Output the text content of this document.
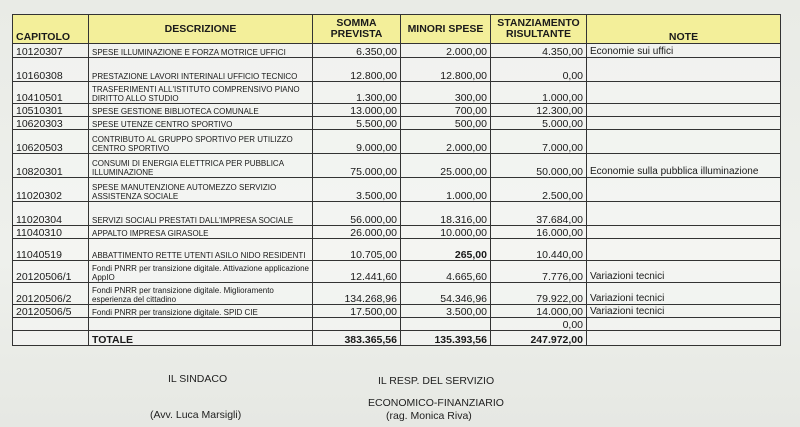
CAPITOLO	DESCRIZIONE	SOMMA PREVISTA	MINORI SPESE	STANZIAMENTO RISULTANTE	NOTE
10120307	SPESE ILLUMINAZIONE E FORZA MOTRICE UFFICI	6.350,00	2.000,00	4.350,00	Economie sui uffici
10160308	PRESTAZIONE LAVORI INTERINALI UFFICIO TECNICO	12.800,00	12.800,00	0,00	
10410501	TRASFERIMENTI ALL'ISTITUTO COMPRENSIVO PIANO DIRITTO ALLO STUDIO	1.300,00	300,00	1.000,00	
10510301	SPESE GESTIONE BIBLIOTECA COMUNALE	13.000,00	700,00	12.300,00	
10620303	SPESE UTENZE CENTRO SPORTIVO	5.500,00	500,00	5.000,00	
10620503	CONTRIBUTO AL GRUPPO SPORTIVO PER UTILIZZO CENTRO SPORTIVO	9.000,00	2.000,00	7.000,00	
10820301	CONSUMI DI ENERGIA ELETTRICA PER PUBBLICA ILLUMINAZIONE	75.000,00	25.000,00	50.000,00	Economie sulla pubblica illuminazione
11020302	SPESE MANUTENZIONE AUTOMEZZO SERVIZIO ASSISTENZA SOCIALE	3.500,00	1.000,00	2.500,00	
11020304	SERVIZI SOCIALI PRESTATI DALL'IMPRESA SOCIALE	56.000,00	18.316,00	37.684,00	
11040310	APPALTO IMPRESA GIRASOLE	26.000,00	10.000,00	16.000,00	
11040519	ABBATTIMENTO RETTE UTENTI ASILO NIDO RESIDENTI	10.705,00	265,00	10.440,00	
20120506/1	Fondi PNRR per transizione digitale. Attivazione applicazione AppIO	12.441,60	4.665,60	7.776,00	Variazioni tecnici
20120506/2	Fondi PNRR per transizione digitale. Miglioramento esperienza del cittadino	134.268,96	54.346,96	79.922,00	Variazioni tecnici
20120506/5	Fondi PNRR per transizione digitale. SPID CIE	17.500,00	3.500,00	14.000,00	Variazioni tecnici
				0,00	
	TOTALE	383.365,56	135.393,56	247.972,00	
IL SINDACO
(Avv. Luca Marsigli)
IL RESP. DEL SERVIZIO
ECONOMICO-FINANZIARIO
(rag. Monica Riva)
